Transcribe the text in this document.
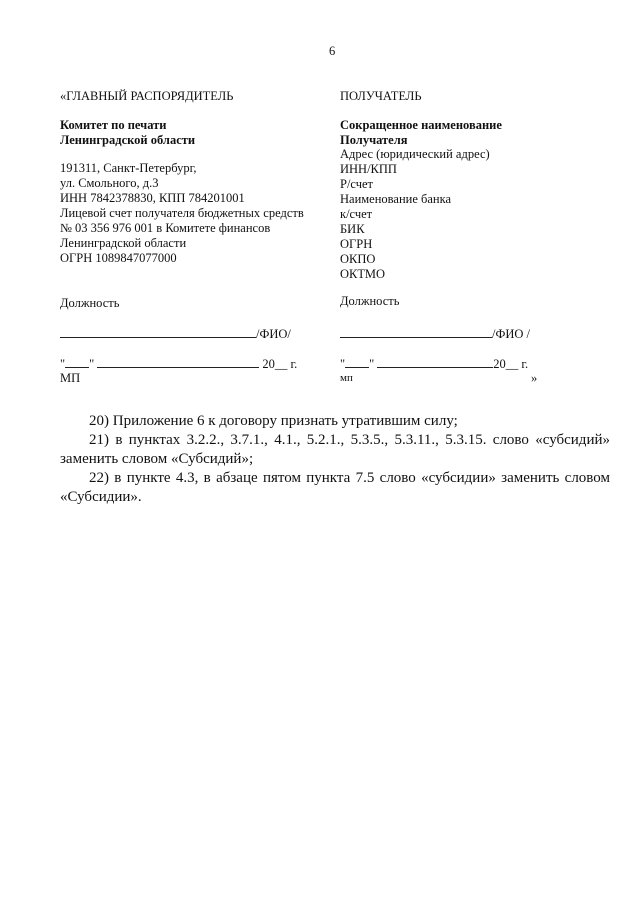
6
«ГЛАВНЫЙ РАСПОРЯДИТЕЛЬ
Комитет по печати
Ленинградской области
191311, Санкт-Петербург,
ул. Смольного, д.3
ИНН 7842378830, КПП 784201001
Лицевой счет получателя бюджетных средств
№ 03 356 976 001 в Комитете финансов
Ленинградской области
ОГРН 1089847077000
Должность
/ФИО/
" "	20__ г.
МП
ПОЛУЧАТЕЛЬ
Сокращенное наименование
Получателя
Адрес (юридический адрес)
ИНН/КПП
Р/счет
Наименование банка
к/счет
БИК
ОГРН
ОКПО
ОКТМО
Должность
/ФИО /
" "	20__ г.
мп	»

20) Приложение 6 к договору признать утратившим силу;

21) в пунктах 3.2.2., 3.7.1., 4.1., 5.2.1., 5.3.5., 5.3.11., 5.3.15. слово «субсидий» заменить словом «Субсидий»;

22) в пункте 4.3, в абзаце пятом пункта 7.5 слово «субсидии» заменить словом «Субсидии».
